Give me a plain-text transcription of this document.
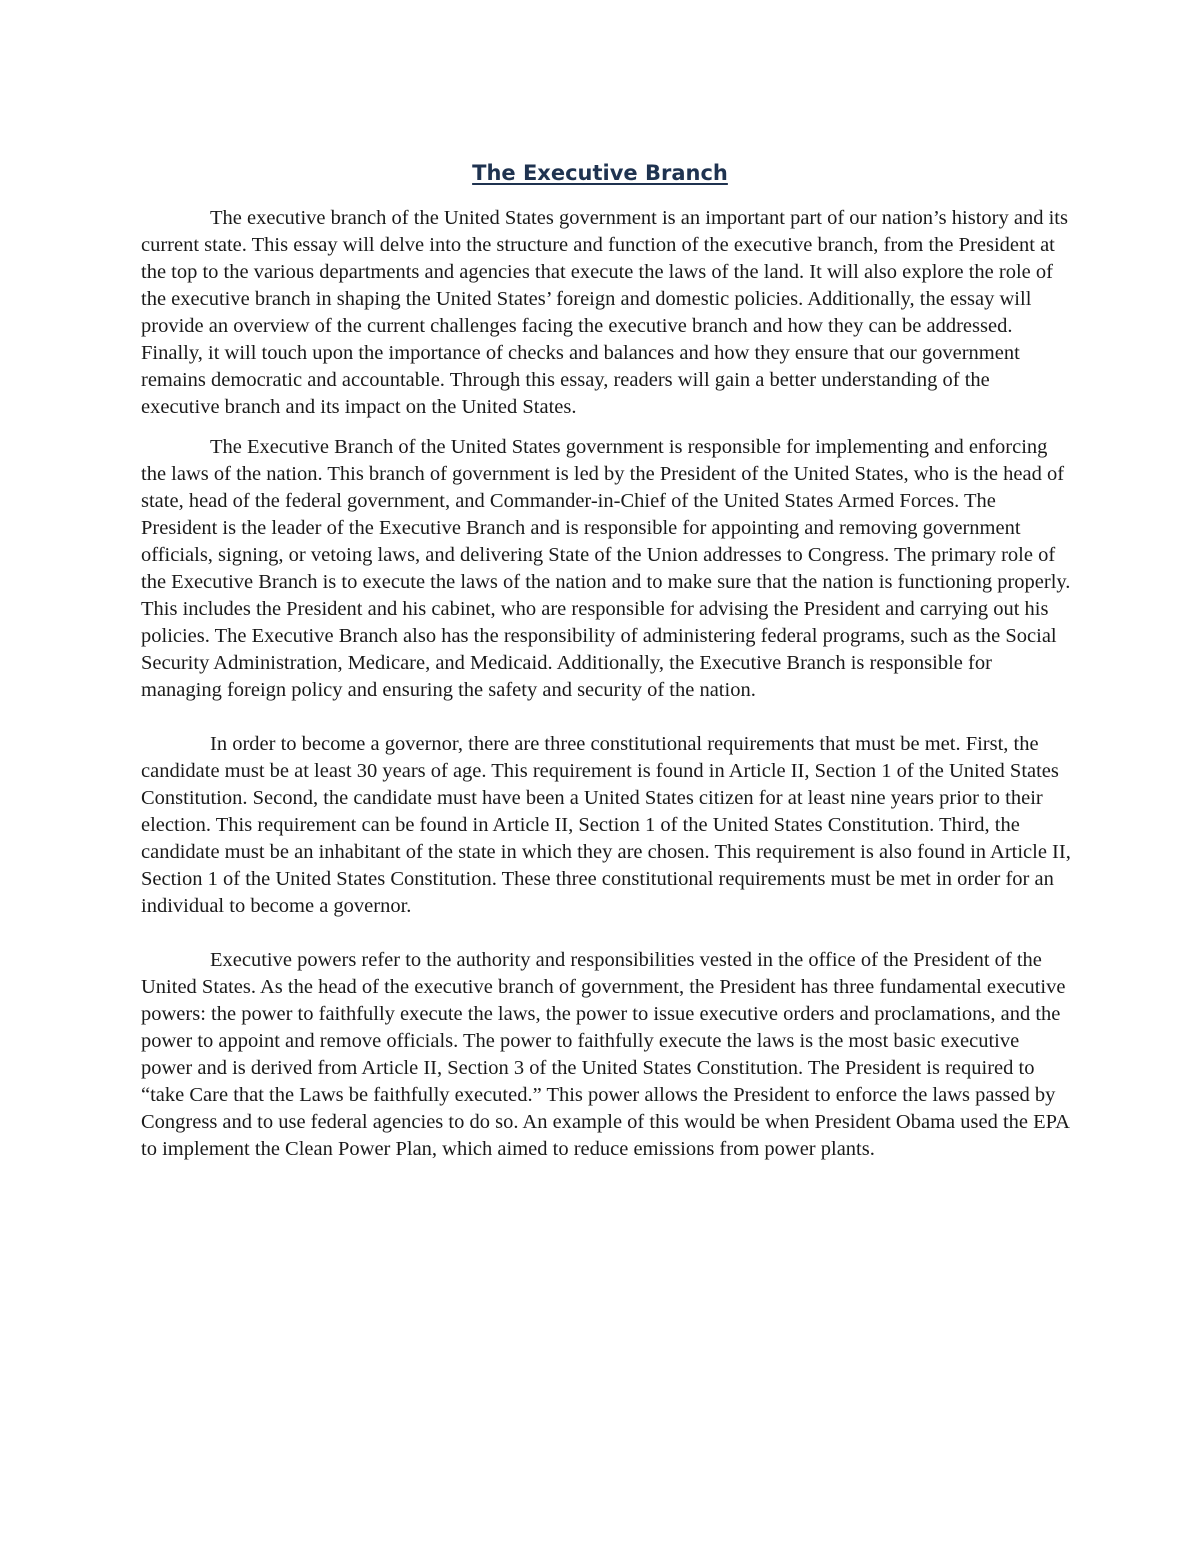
The Executive Branch

The executive branch of the United States government is an important part of our nation’s history and its current state. This essay will delve into the structure and function of the executive branch, from the President at the top to the various departments and agencies that execute the laws of the land. It will also explore the role of the executive branch in shaping the United States’ foreign and domestic policies. Additionally, the essay will provide an overview of the current challenges facing the executive branch and how they can be addressed. Finally, it will touch upon the importance of checks and balances and how they ensure that our government remains democratic and accountable. Through this essay, readers will gain a better understanding of the executive branch and its impact on the United States.

The Executive Branch of the United States government is responsible for implementing and enforcing the laws of the nation. This branch of government is led by the President of the United States, who is the head of state, head of the federal government, and Commander-in-Chief of the United States Armed Forces. The President is the leader of the Executive Branch and is responsible for appointing and removing government officials, signing, or vetoing laws, and delivering State of the Union addresses to Congress. The primary role of the Executive Branch is to execute the laws of the nation and to make sure that the nation is functioning properly. This includes the President and his cabinet, who are responsible for advising the President and carrying out his policies. The Executive Branch also has the responsibility of administering federal programs, such as the Social Security Administration, Medicare, and Medicaid. Additionally, the Executive Branch is responsible for managing foreign policy and ensuring the safety and security of the nation.

In order to become a governor, there are three constitutional requirements that must be met. First, the candidate must be at least 30 years of age. This requirement is found in Article II, Section 1 of the United States Constitution. Second, the candidate must have been a United States citizen for at least nine years prior to their election. This requirement can be found in Article II, Section 1 of the United States Constitution. Third, the candidate must be an inhabitant of the state in which they are chosen. This requirement is also found in Article II, Section 1 of the United States Constitution. These three constitutional requirements must be met in order for an individual to become a governor.

Executive powers refer to the authority and responsibilities vested in the office of the President of the United States. As the head of the executive branch of government, the President has three fundamental executive powers: the power to faithfully execute the laws, the power to issue executive orders and proclamations, and the power to appoint and remove officials. The power to faithfully execute the laws is the most basic executive power and is derived from Article II, Section 3 of the United States Constitution. The President is required to “take Care that the Laws be faithfully executed.” This power allows the President to enforce the laws passed by Congress and to use federal agencies to do so. An example of this would be when President Obama used the EPA to implement the Clean Power Plan, which aimed to reduce emissions from power plants.
